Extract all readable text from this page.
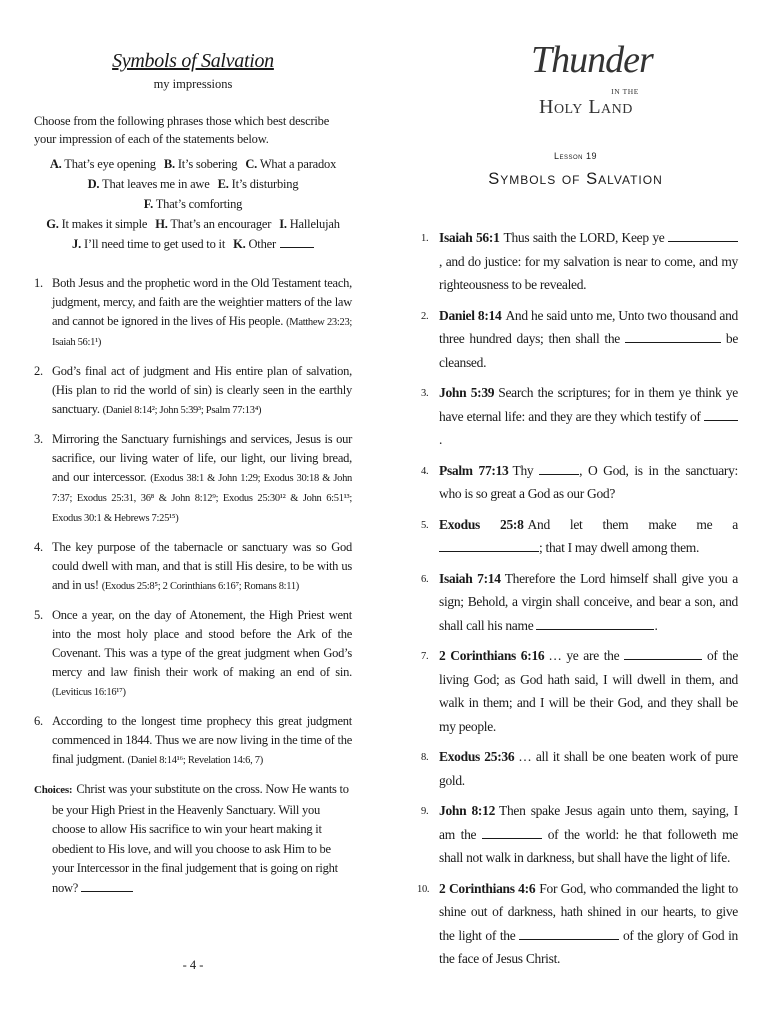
Symbols of Salvation
my impressions
Choose from the following phrases those which best describe your impression of each of the statements below.
A. That’s eye opening B. It’s sobering C. What a paradox
D. That leaves me in awe E. It’s disturbingF. That’s comforting
G. It makes it simple H. That’s an encourager I. Hallelujah
J. I’ll need time to get used to it K. Other
1. Both Jesus and the prophetic word in the Old Testament teach, judgment, mercy, and faith are the weightier matters of the law and cannot be ignored in the lives of His people. (Matthew 23:23; Isaiah 56:1¹)
2. God’s final act of judgment and His entire plan of salvation, (His plan to rid the world of sin) is clearly seen in the earthly sanctuary. (Daniel 8:14²; John 5:39³; Psalm 77:13⁴)
3. Mirroring the Sanctuary furnishings and services, Jesus is our sacrifice, our living water of life, our light, our living bread, and our intercessor. (Exodus 38:1 & John 1:29; Exodus 30:18 & John 7:37; Exodus 25:31, 36⁸ & John 8:12⁹; Exodus 25:30¹² & John 6:51¹³; Exodus 30:1 & Hebrews 7:25¹⁵)
4. The key purpose of the tabernacle or sanctuary was so God could dwell with man, and that is still His desire, to be with us and in us! (Exodus 25:8⁵; 2 Corinthians 6:16⁷; Romans 8:11)
5. Once a year, on the day of Atonement, the High Priest went into the most holy place and stood before the Ark of the Covenant. This was a type of the great judgment when God’s mercy and law finish their work of making an end of sin. (Leviticus 16:16¹⁷)
6. According to the longest time prophecy this great judgment commenced in 1844. Thus we are now living in the time of the final judgment. (Daniel 8:14¹⁶; Revelation 14:6, 7)
Choices: Christ was your substitute on the cross. Now He wants to be your High Priest in the Heavenly Sanctuary. Will you choose to allow His sacrifice to win your heart making it obedient to His love, and will you choose to ask Him to be your Intercessor in the final judgement that is going on right now?
- 4 -
Thunder
IN THE
Holy Land
Lesson 19
Symbols of Salvation
1. Isaiah 56:1 Thus saith the LORD, Keep ye , and do justice: for my salvation is near to come, and my righteousness to be revealed.
2. Daniel 8:14 And he said unto me, Unto two thousand and three hundred days; then shall the	be cleansed.
3. John 5:39 Search the scriptures; for in them ye think ye have eternal life: and they are they which testify of .
4. Psalm 77:13 Thy	, O God, is in the sanctuary: who is so great a God as our God?
5. Exodus 25:8 And let them make me a ; that I may dwell among them.
6. Isaiah 7:14 Therefore the Lord himself shall give you a sign; Behold, a virgin shall conceive, and bear a son, and shall call his name	.
7. 2 Corinthians 6:16 … ye are the	of the living God; as God hath said, I will dwell in them, and walk in them; and I will be their God, and they shall be my people.
8. Exodus 25:36 … all it shall be one beaten work of pure gold.
9. John 8:12 Then spake Jesus again unto them, saying, I am the	of the world: he that followeth me shall not walk in darkness, but shall have the light of life.
10. 2 Corinthians 4:6 For God, who commanded the light to shine out of darkness, hath shined in our hearts, to give the light of the	of the glory of God in the face of Jesus Christ.
